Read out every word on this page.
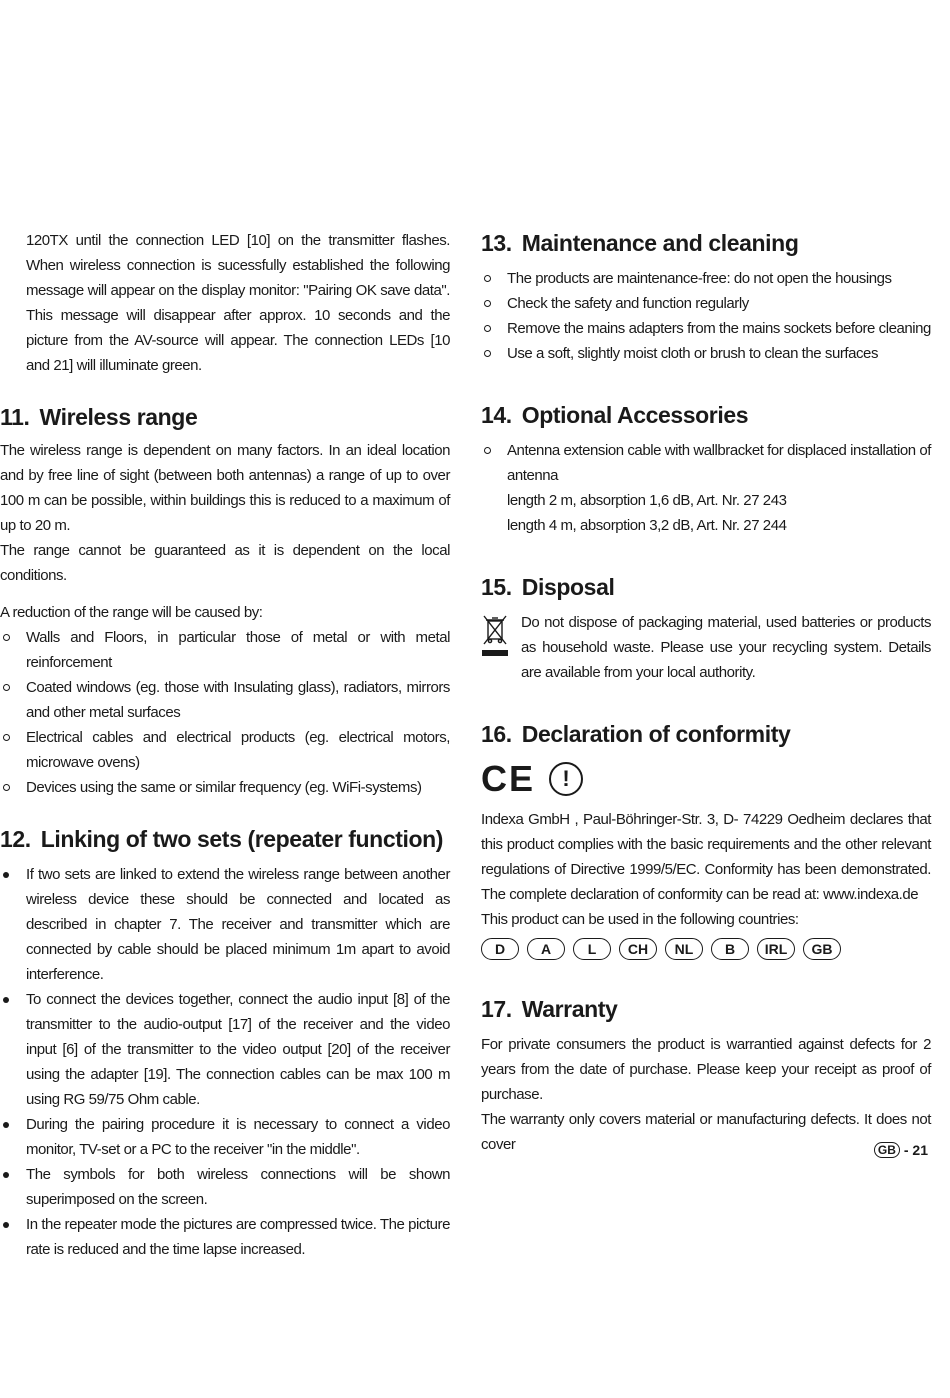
120TX until the connection LED [10] on the transmitter flashes. When wireless connection is sucessfully established the following message will appear on the display monitor: "Pairing OK save data". This message will disappear after approx. 10 seconds and the picture from the AV-source will appear. The connection LEDs [10 and 21] will illuminate green.

11. Wireless range

The wireless range is dependent on many factors. In an ideal location and by free line of sight (between both antennas) a range of up to over 100 m can be possible, within buildings this is reduced to a maximum of up to 20 m.

The range cannot be guaranteed as it is dependent on the local conditions.

A reduction of the range will be caused by:

Walls and Floors, in particular those of metal or with metal reinforcement
Coated windows (eg. those with Insulating glass), radiators, mirrors and other metal surfaces
Electrical cables and electrical products (eg. electrical motors, microwave ovens)
Devices using the same or similar frequency (eg. WiFi-systems)
12. Linking of two sets (repeater function)
If two sets are linked to extend the wireless range between another wireless device these should be connected and located as described in chapter 7. The receiver and transmitter which are connected by cable should be placed minimum 1m apart to avoid interference.
To connect the devices together, connect the audio input [8] of the transmitter to the audio-output [17] of the receiver and the video input [6] of the transmitter to the video output [20] of the receiver using the adapter [19]. The connection cables can be max 100 m using RG 59/75 Ohm cable.
During the pairing procedure it is necessary to connect a video monitor, TV-set or a PC to the receiver "in the middle".
The symbols for both wireless connections will be shown superimposed on the screen.
In the repeater mode the pictures are compressed twice. The picture rate is reduced and the time lapse increased.
13. Maintenance and cleaning
The products are maintenance-free: do not open the housings
Check the safety and function regularly
Remove the mains adapters from the mains sockets before cleaning
Use a soft, slightly moist cloth or brush to clean the surfaces
14. Optional Accessories
Antenna extension cable with wallbracket for displaced installation of antenna

length 2 m, absorption 1,6 dB, Art. Nr. 27 243

length 4 m, absorption 3,2 dB, Art. Nr. 27 244

15. Disposal

Do not dispose of packaging material, used batteries or products as household waste. Please use your recycling system. Details are available from your local authority.

16. Declaration of conformity
CE	!

Indexa GmbH , Paul-Böhringer-Str. 3, D- 74229 Oedheim declares that this product complies with the basic requirements and the other relevant regulations of Directive 1999/5/EC. Conformity has been demonstrated. The complete declaration of conformity can be read at: www.indexa.de

This product can be used in the following countries:

D	A	L	CH	NL	B	IRL	GB
17. Warranty

For private consumers the product is warrantied against defects for 2 years from the date of purchase. Please keep your receipt as proof of purchase.

The warranty only covers material or manufacturing defects. It does not cover	GB - 21
